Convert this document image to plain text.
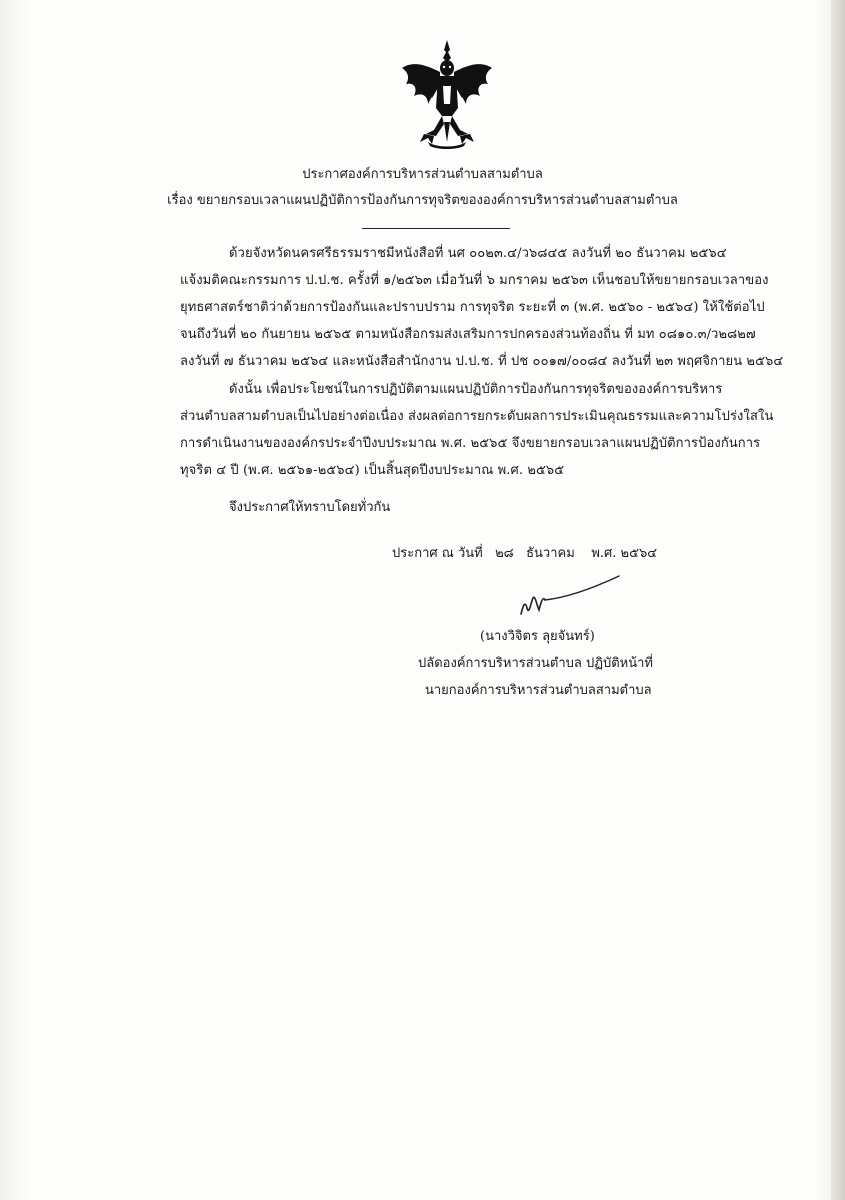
ประกาศองค์การบริหารส่วนตำบลสามตำบล
เรื่อง ขยายกรอบเวลาแผนปฏิบัติการป้องกันการทุจริตขององค์การบริหารส่วนตำบลสามตำบล
ด้วยจังหวัดนครศรีธรรมราชมีหนังสือที่ นศ ๐๐๒๓.๔/ว๖๘๔๕ ลงวันที่ ๒๐ ธันวาคม ๒๕๖๔
แจ้งมติคณะกรรมการ ป.ป.ช. ครั้งที่ ๑/๒๕๖๓ เมื่อวันที่ ๖ มกราคม ๒๕๖๓ เห็นชอบให้ขยายกรอบเวลาของ
ยุทธศาสตร์ชาติว่าด้วยการป้องกันและปราบปราม การทุจริต ระยะที่ ๓ (พ.ศ. ๒๕๖๐ - ๒๕๖๔) ให้ใช้ต่อไป
จนถึงวันที่ ๒๐ กันยายน ๒๕๖๕ ตามหนังสือกรมส่งเสริมการปกครองส่วนท้องถิ่น ที่ มท ๐๘๑๐.๓/ว๒๘๒๗
ลงวันที่ ๗ ธันวาคม ๒๕๖๔ และหนังสือสำนักงาน ป.ป.ช. ที่ ปช ๐๐๑๗/๐๐๘๔ ลงวันที่ ๒๓ พฤศจิกายน ๒๕๖๔
ดังนั้น เพื่อประโยชน์ในการปฏิบัติตามแผนปฏิบัติการป้องกันการทุจริตขององค์การบริหาร
ส่วนตำบลสามตำบลเป็นไปอย่างต่อเนื่อง ส่งผลต่อการยกระดับผลการประเมินคุณธรรมและความโปร่งใสใน
การดำเนินงานขององค์กรประจำปีงบประมาณ พ.ศ. ๒๕๖๕ จึงขยายกรอบเวลาแผนปฏิบัติการป้องกันการ
ทุจริต ๔ ปี (พ.ศ. ๒๕๖๑-๒๕๖๔) เป็นสิ้นสุดปีงบประมาณ พ.ศ. ๒๕๖๕
จึงประกาศให้ทราบโดยทั่วกัน
ประกาศ ณ วันที่   ๒๘   ธันวาคม    พ.ศ. ๒๕๖๔
(นางวิจิตร ลุยจันทร์)
ปลัดองค์การบริหารส่วนตำบล ปฏิบัติหน้าที่
นายกองค์การบริหารส่วนตำบลสามตำบล
